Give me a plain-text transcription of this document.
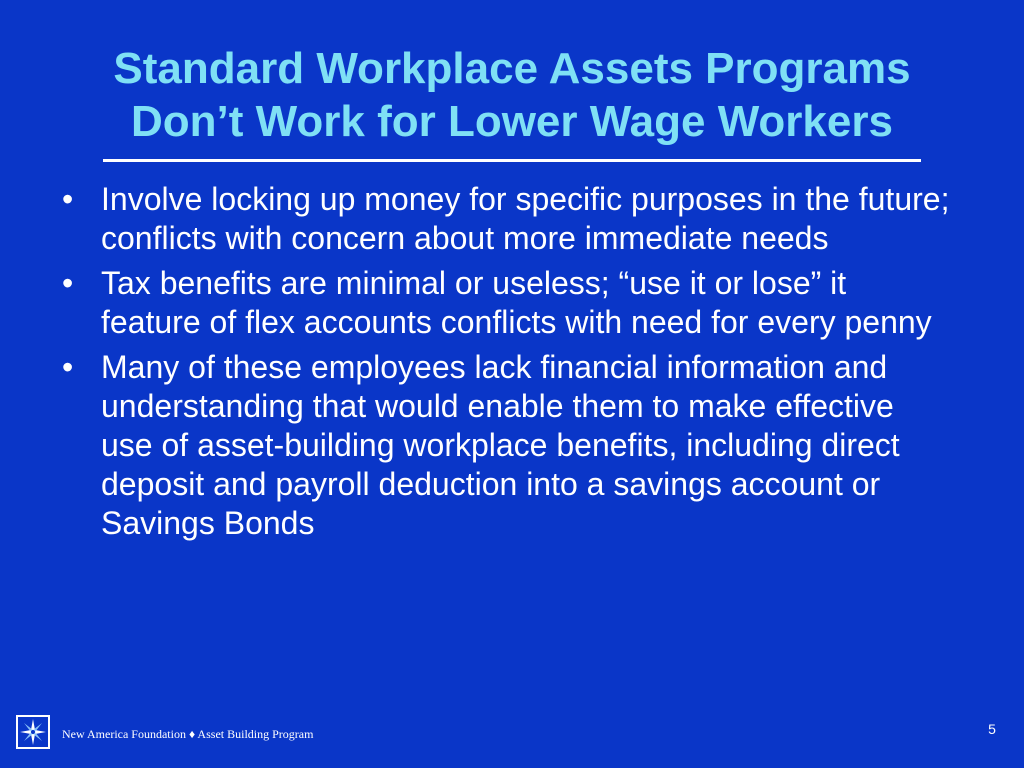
Standard Workplace Assets Programs
Don’t Work for Lower Wage Workers
• Involve locking up money for specific purposes in the future; conflicts with concern about more immediate needs
• Tax benefits are minimal or useless; “use it or lose” it feature of flex accounts conflicts with need for every penny
• Many of these employees lack financial information and understanding that would enable them to make effective use of asset-building workplace benefits, including direct deposit and payroll deduction into a savings account or Savings Bonds
New America Foundation ♦ Asset Building Program	5
